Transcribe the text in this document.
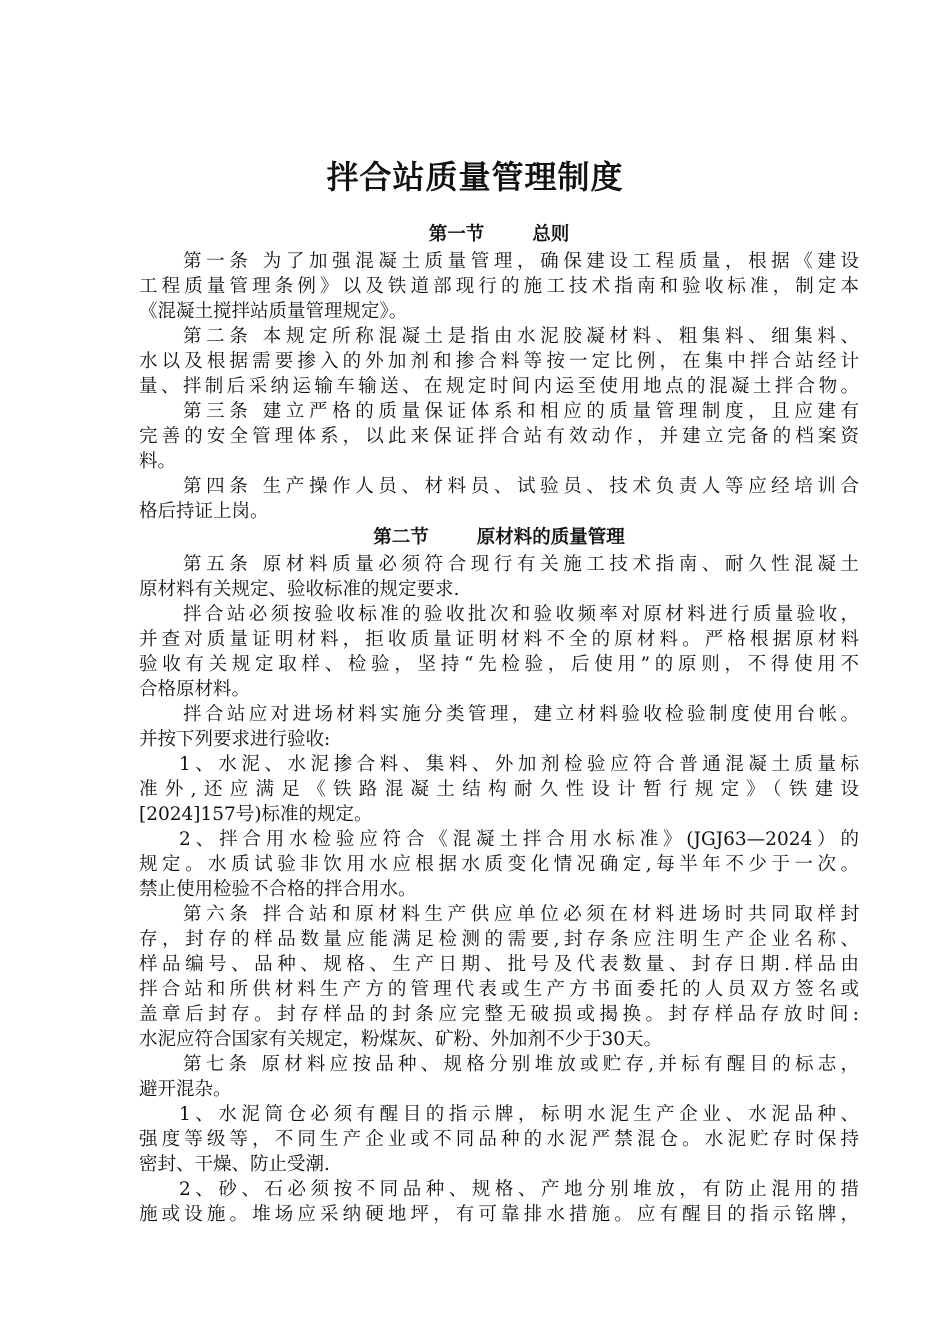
拌合站质量管理制度
第一节	总则
第一条 为了加强混凝土质量管理，确保建设工程质量，根据《建设
工程质量管理条例》以及铁道部现行的施工技术指南和验收标准，制定本
《混凝土搅拌站质量管理规定》。
第二条 本规定所称混凝土是指由水泥胶凝材料、粗集料、细集料、
水以及根据需要掺入的外加剂和掺合料等按一定比例，在集中拌合站经计
量、拌制后采纳运输车输送、在规定时间内运至使用地点的混凝土拌合物。
第三条 建立严格的质量保证体系和相应的质量管理制度，且应建有
完善的安全管理体系，以此来保证拌合站有效动作，并建立完备的档案资
料。
第四条 生产操作人员、材料员、试验员、技术负责人等应经培训合
格后持证上岗。
第二节	原材料的质量管理
第五条 原材料质量必须符合现行有关施工技术指南、耐久性混凝土
原材料有关规定、验收标准的规定要求.
拌合站必须按验收标准的验收批次和验收频率对原材料进行质量验收，
并查对质量证明材料，拒收质量证明材料不全的原材料。严格根据原材料
验收有关规定取样、检验，坚持“先检验，后使用”的原则，不得使用不
合格原材料。
拌合站应对进场材料实施分类管理，建立材料验收检验制度使用台帐。
并按下列要求进行验收:
1、水泥、水泥掺合料、集料、外加剂检验应符合普通混凝土质量标
准外,还应满足《铁路混凝土结构耐久性设计暂行规定》（铁建设
[2024]157号)标准的规定。
2、拌合用水检验应符合《混凝土拌合用水标准》(JGJ63—2024）的
规定。水质试验非饮用水应根据水质变化情况确定,每半年不少于一次。
禁止使用检验不合格的拌合用水。
第六条 拌合站和原材料生产供应单位必须在材料进场时共同取样封
存，封存的样品数量应能满足检测的需要,封存条应注明生产企业名称、
样品编号、品种、规格、生产日期、批号及代表数量、封存日期.样品由
拌合站和所供材料生产方的管理代表或生产方书面委托的人员双方签名或
盖章后封存。封存样品的封条应完整无破损或揭换。封存样品存放时间:
水泥应符合国家有关规定，粉煤灰、矿粉、外加剂不少于30天。
第七条 原材料应按品种、规格分别堆放或贮存,并标有醒目的标志，
避开混杂。
1、水泥筒仓必须有醒目的指示牌，标明水泥生产企业、水泥品种、
强度等级等，不同生产企业或不同品种的水泥严禁混仓。水泥贮存时保持
密封、干燥、防止受潮.
2、砂、石必须按不同品种、规格、产地分别堆放，有防止混用的措
施或设施。堆场应采纳硬地坪，有可靠排水措施。应有醒目的指示铭牌，
